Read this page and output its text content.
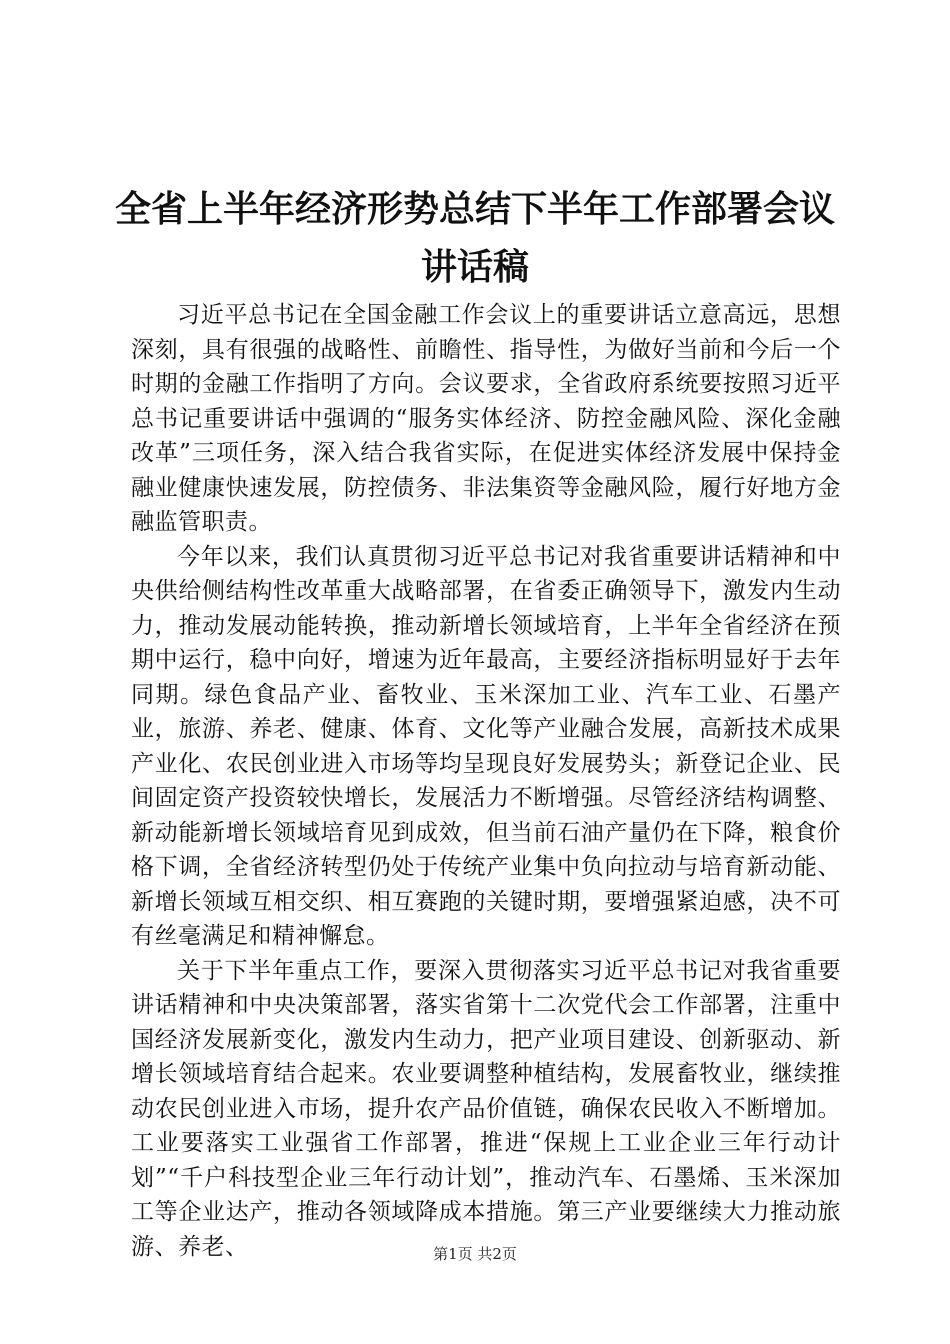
全省上半年经济形势总结下半年工作部署会议
讲话稿

习近平总书记在全国金融工作会议上的重要讲话立意高远，思想深刻，具有很强的战略性、前瞻性、指导性，为做好当前和今后一个时期的金融工作指明了方向。会议要求，全省政府系统要按照习近平总书记重要讲话中强调的“服务实体经济、防控金融风险、深化金融改革”三项任务，深入结合我省实际，在促进实体经济发展中保持金融业健康快速发展，防控债务、非法集资等金融风险，履行好地方金融监管职责。

今年以来，我们认真贯彻习近平总书记对我省重要讲话精神和中央供给侧结构性改革重大战略部署，在省委正确领导下，激发内生动力，推动发展动能转换，推动新增长领域培育，上半年全省经济在预期中运行，稳中向好，增速为近年最高，主要经济指标明显好于去年同期。绿色食品产业、畜牧业、玉米深加工业、汽车工业、石墨产业，旅游、养老、健康、体育、文化等产业融合发展，高新技术成果产业化、农民创业进入市场等均呈现良好发展势头；新登记企业、民间固定资产投资较快增长，发展活力不断增强。尽管经济结构调整、新动能新增长领域培育见到成效，但当前石油产量仍在下降，粮食价格下调，全省经济转型仍处于传统产业集中负向拉动与培育新动能、新增长领域互相交织、相互赛跑的关键时期，要增强紧迫感，决不可有丝毫满足和精神懈怠。

关于下半年重点工作，要深入贯彻落实习近平总书记对我省重要讲话精神和中央决策部署，落实省第十二次党代会工作部署，注重中国经济发展新变化，激发内生动力，把产业项目建设、创新驱动、新增长领域培育结合起来。农业要调整种植结构，发展畜牧业，继续推动农民创业进入市场，提升农产品价值链，确保农民收入不断增加。工业要落实工业强省工作部署，推进“保规上工业企业三年行动计划”“千户科技型企业三年行动计划”，推动汽车、石墨烯、玉米深加工等企业达产，推动各领域降成本措施。第三产业要继续大力推动旅游、养老、	第1页 共2页
